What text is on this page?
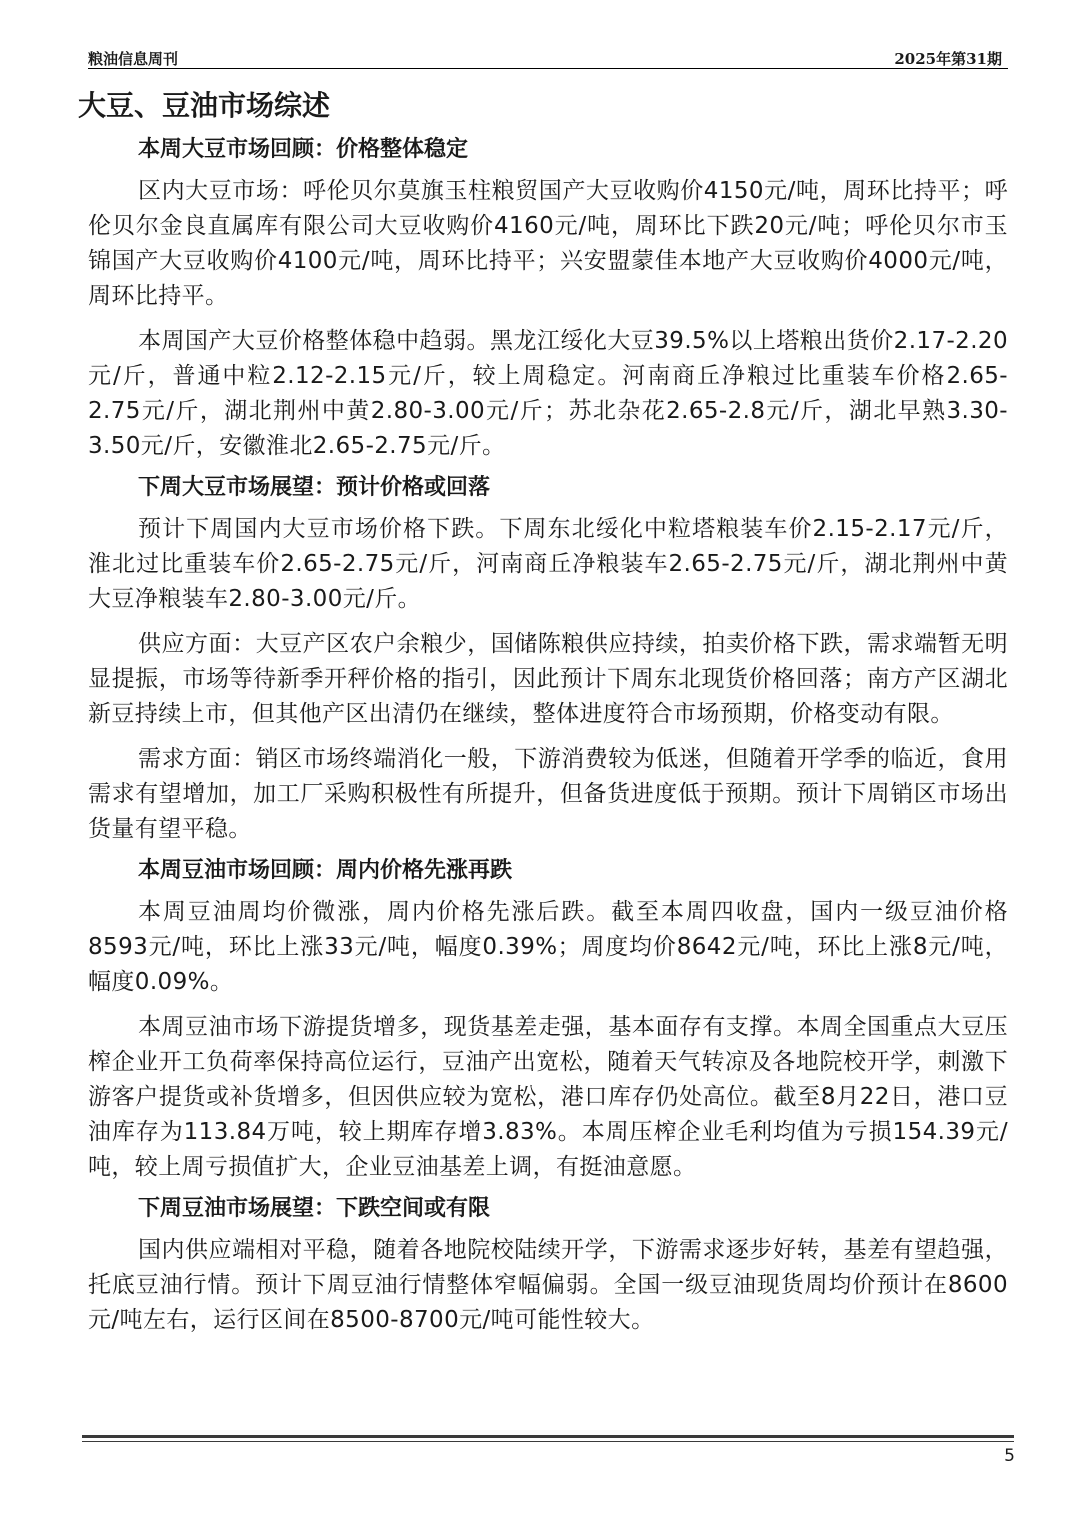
粮油信息周刊	2025年第31期
大豆、豆油市场综述
本周大豆市场回顾：价格整体稳定
区内大豆市场：呼伦贝尔莫旗玉柱粮贸国产大豆收购价4150元/吨，周环比持平；呼伦贝尔金良直属库有限公司大豆收购价4160元/吨，周环比下跌20元/吨；呼伦贝尔市玉锦国产大豆收购价4100元/吨，周环比持平；兴安盟蒙佳本地产大豆收购价4000元/吨，周环比持平。
本周国产大豆价格整体稳中趋弱。黑龙江绥化大豆39.5%以上塔粮出货价2.17-2.20元/斤，普通中粒2.12-2.15元/斤，较上周稳定。河南商丘净粮过比重装车价格2.65-2.75元/斤，湖北荆州中黄2.80-3.00元/斤；苏北杂花2.65-2.8元/斤，湖北早熟3.30-3.50元/斤，安徽淮北2.65-2.75元/斤。
下周大豆市场展望：预计价格或回落
预计下周国内大豆市场价格下跌。下周东北绥化中粒塔粮装车价2.15-2.17元/斤，淮北过比重装车价2.65-2.75元/斤，河南商丘净粮装车2.65-2.75元/斤，湖北荆州中黄大豆净粮装车2.80-3.00元/斤。
供应方面：大豆产区农户余粮少，国储陈粮供应持续，拍卖价格下跌，需求端暂无明显提振，市场等待新季开秤价格的指引，因此预计下周东北现货价格回落；南方产区湖北新豆持续上市，但其他产区出清仍在继续，整体进度符合市场预期，价格变动有限。
需求方面：销区市场终端消化一般，下游消费较为低迷，但随着开学季的临近，食用需求有望增加，加工厂采购积极性有所提升，但备货进度低于预期。预计下周销区市场出货量有望平稳。
本周豆油市场回顾：周内价格先涨再跌
本周豆油周均价微涨，周内价格先涨后跌。截至本周四收盘，国内一级豆油价格8593元/吨，环比上涨33元/吨，幅度0.39%；周度均价8642元/吨，环比上涨8元/吨，幅度0.09%。
本周豆油市场下游提货增多，现货基差走强，基本面存有支撑。本周全国重点大豆压榨企业开工负荷率保持高位运行，豆油产出宽松，随着天气转凉及各地院校开学，刺激下游客户提货或补货增多，但因供应较为宽松，港口库存仍处高位。截至8月22日，港口豆油库存为113.84万吨，较上期库存增3.83%。本周压榨企业毛利均值为亏损154.39元/吨，较上周亏损值扩大，企业豆油基差上调，有挺油意愿。
下周豆油市场展望：下跌空间或有限
国内供应端相对平稳，随着各地院校陆续开学，下游需求逐步好转，基差有望趋强，托底豆油行情。预计下周豆油行情整体窄幅偏弱。全国一级豆油现货周均价预计在8600元/吨左右，运行区间在8500-8700元/吨可能性较大。
5
